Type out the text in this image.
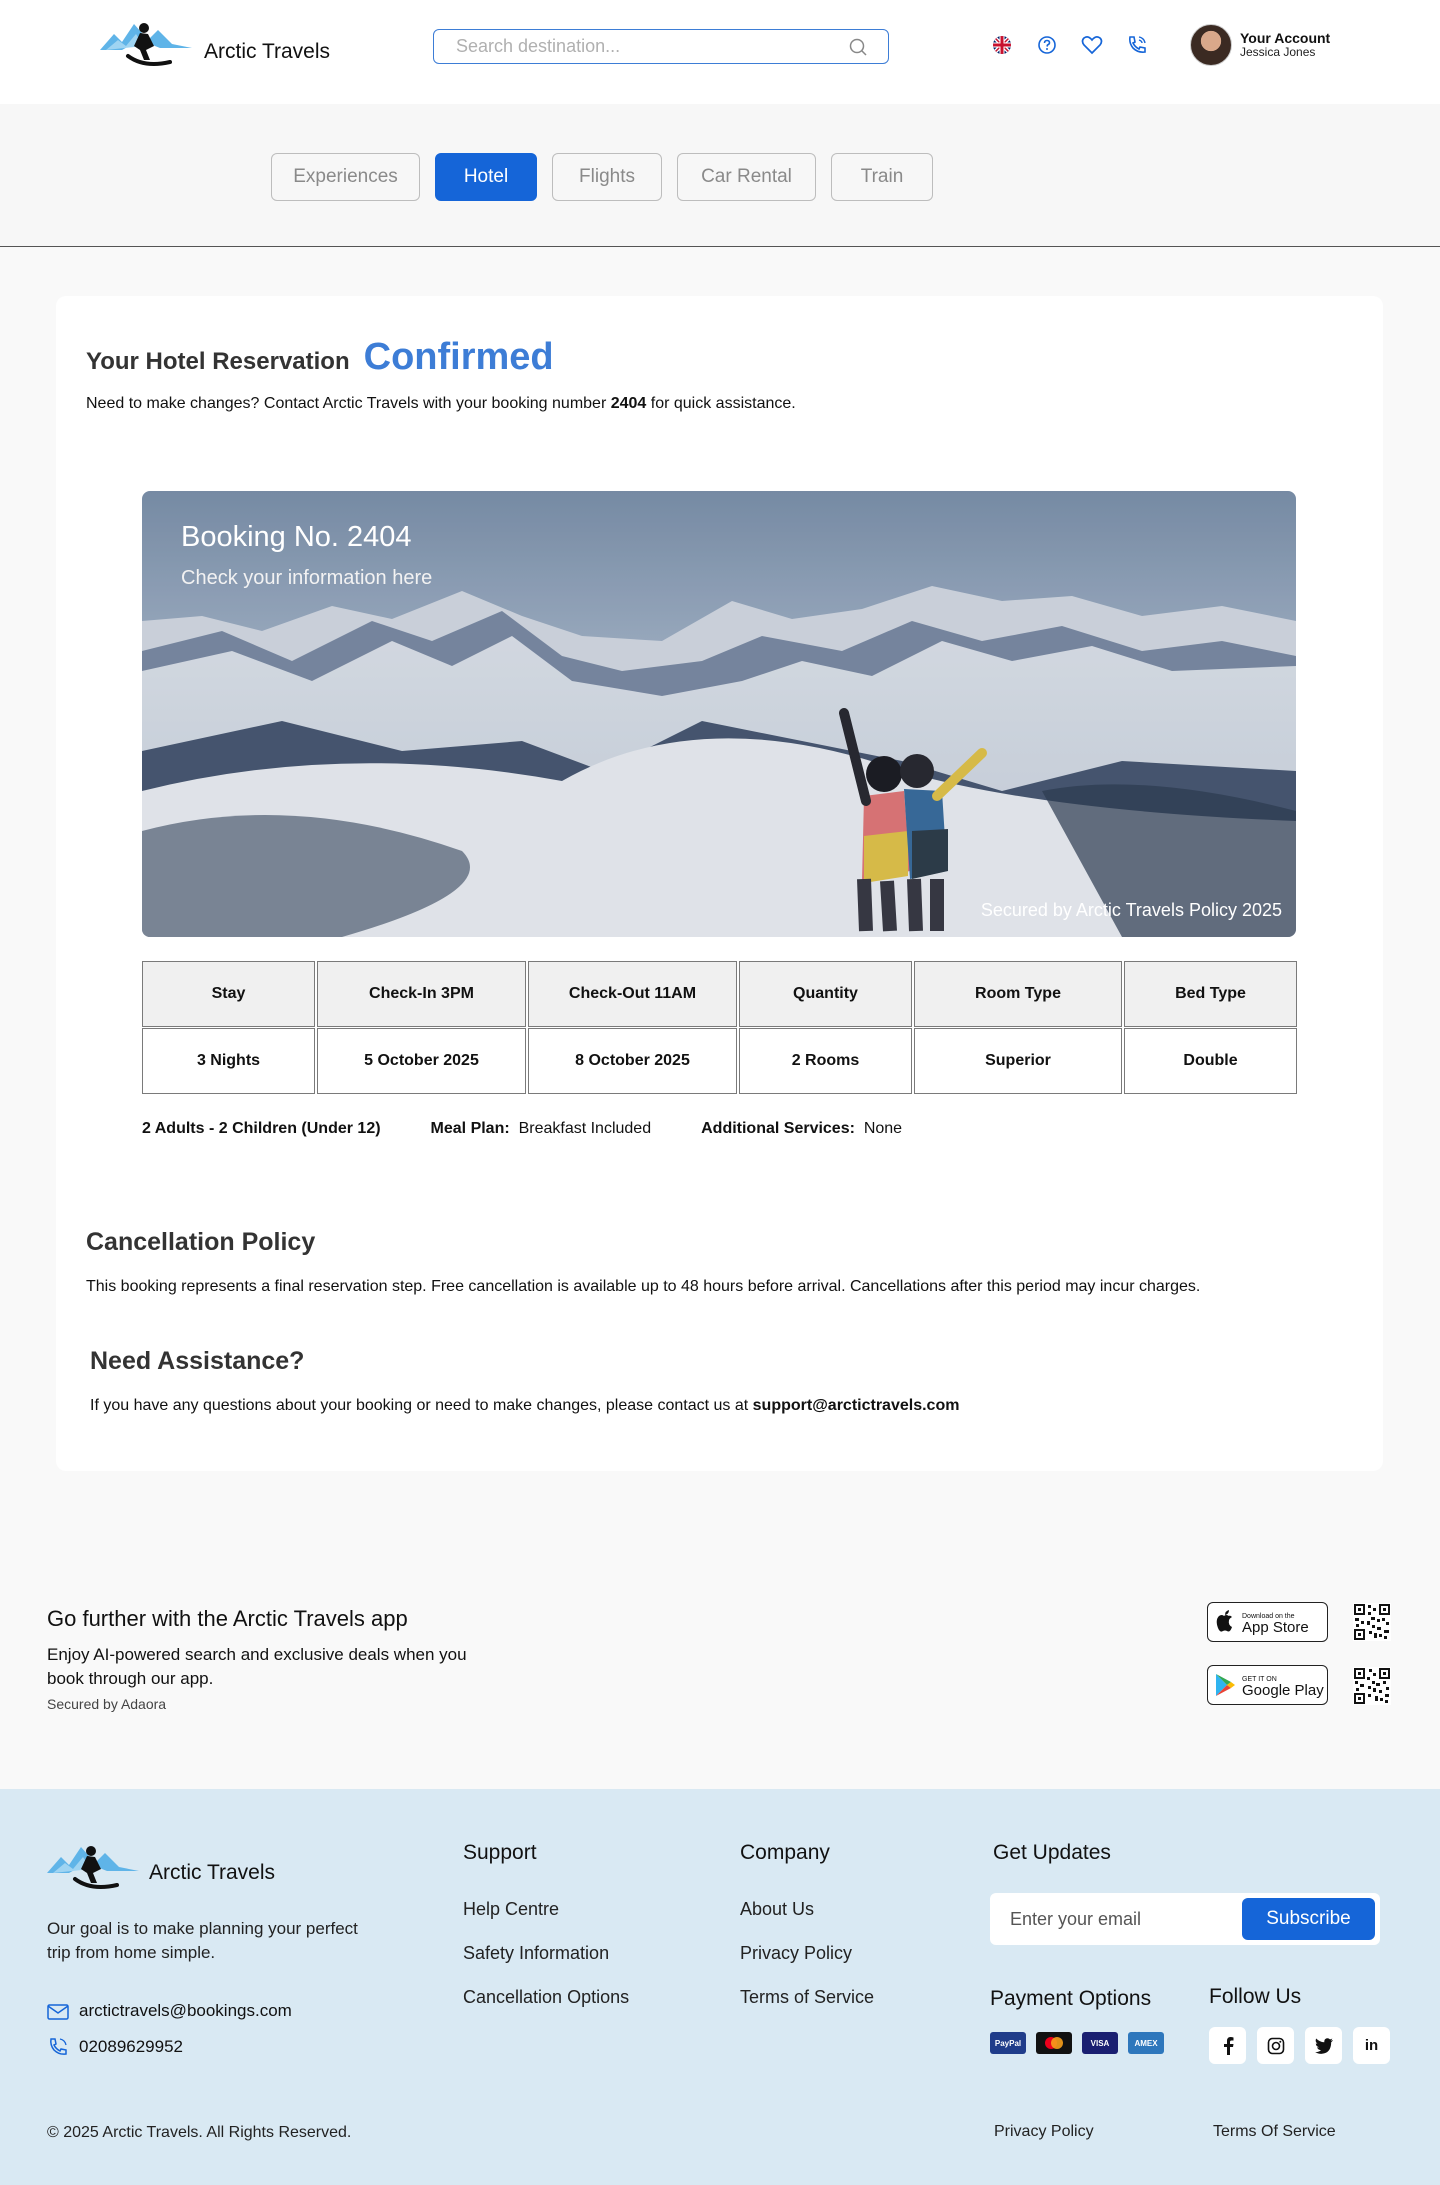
Arctic Travels
Search destination...
Your Account
Jessica Jones
Experiences	Hotel	Flights	Car Rental	Train
Your Hotel Reservation Confirmed
Need to make changes? Contact Arctic Travels with your booking number 2404 for quick assistance.
Booking No. 2404
Check your information here
Secured by Arctic Travels Policy 2025
Stay	Check-In 3PM	Check-Out 11AM	Quantity	Room Type	Bed Type
3 Nights	5 October 2025	8 October 2025	2 Rooms	Superior	Double
2 Adults - 2 Children (Under 12)	Meal Plan: Breakfast Included	Additional Services: None
Cancellation Policy
This booking represents a final reservation step. Free cancellation is available up to 48 hours before arrival. Cancellations after this period may incur charges.
Need Assistance?
If you have any questions about your booking or need to make changes, please contact us at support@arctictravels.com
Go further with the Arctic Travels app
Enjoy AI-powered search and exclusive deals when you book through our app.
Secured by Adaora
Download on the
App Store
GET IT ON
Google Play
Arctic Travels
Our goal is to make planning your perfect trip from home simple.
arctictravels@bookings.com
02089629952
Support
Help Centre
Safety Information
Cancellation Options
Company
About Us
Privacy Policy
Terms of Service
Get Updates
Enter your email
Subscribe
Payment Options
PayPal	VISA	AMEX
Follow Us
in
© 2025 Arctic Travels. All Rights Reserved.	Privacy Policy	Terms Of Service
